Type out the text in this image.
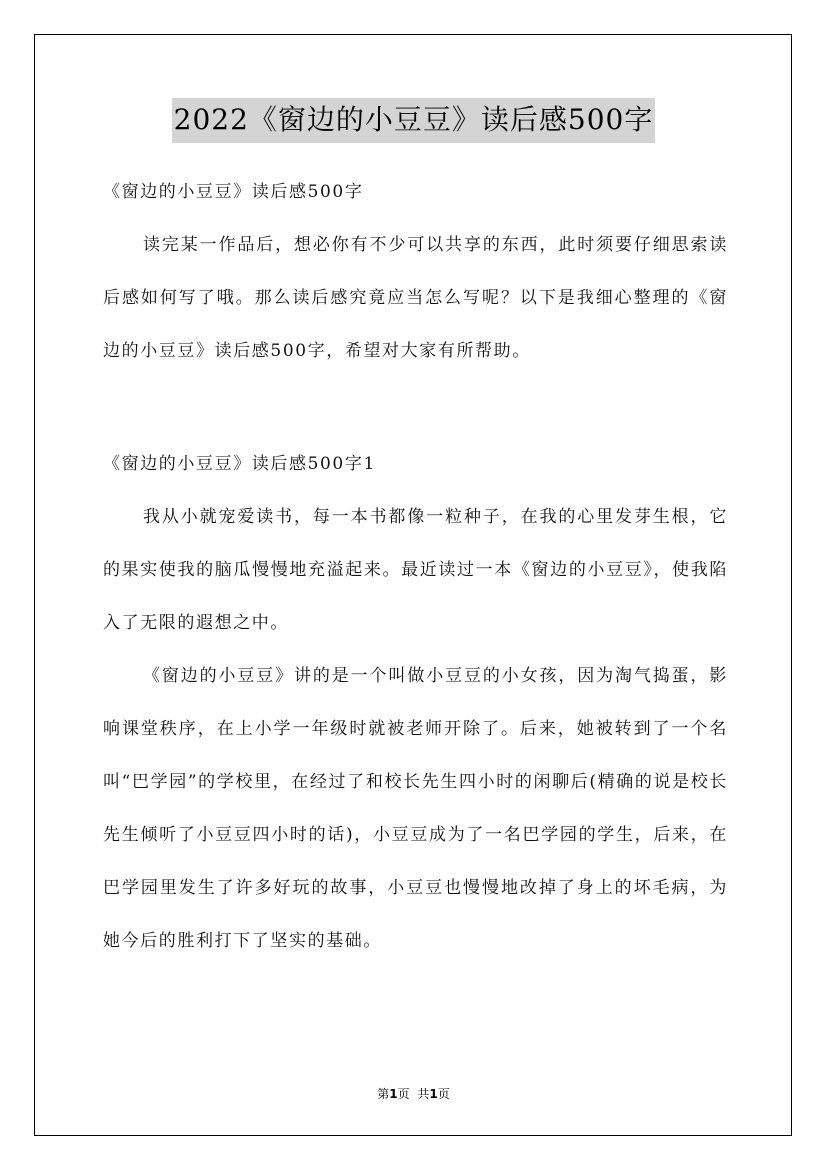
2022《窗边的小豆豆》读后感500字

《窗边的小豆豆》读后感500字

读完某一作品后，想必你有不少可以共享的东西，此时须要仔细思索读后感如何写了哦。那么读后感究竟应当怎么写呢？以下是我细心整理的《窗边的小豆豆》读后感500字，希望对大家有所帮助。

《窗边的小豆豆》读后感500字1

我从小就宠爱读书，每一本书都像一粒种子，在我的心里发芽生根，它的果实使我的脑瓜慢慢地充溢起来。最近读过一本《窗边的小豆豆》，使我陷入了无限的遐想之中。

《窗边的小豆豆》讲的是一个叫做小豆豆的小女孩，因为淘气捣蛋，影响课堂秩序，在上小学一年级时就被老师开除了。后来，她被转到了一个名叫“巴学园”的学校里，在经过了和校长先生四小时的闲聊后(精确的说是校长先生倾听了小豆豆四小时的话)，小豆豆成为了一名巴学园的学生，后来，在巴学园里发生了许多好玩的故事，小豆豆也慢慢地改掉了身上的坏毛病，为她今后的胜利打下了坚实的基础。

第1页 共1页
